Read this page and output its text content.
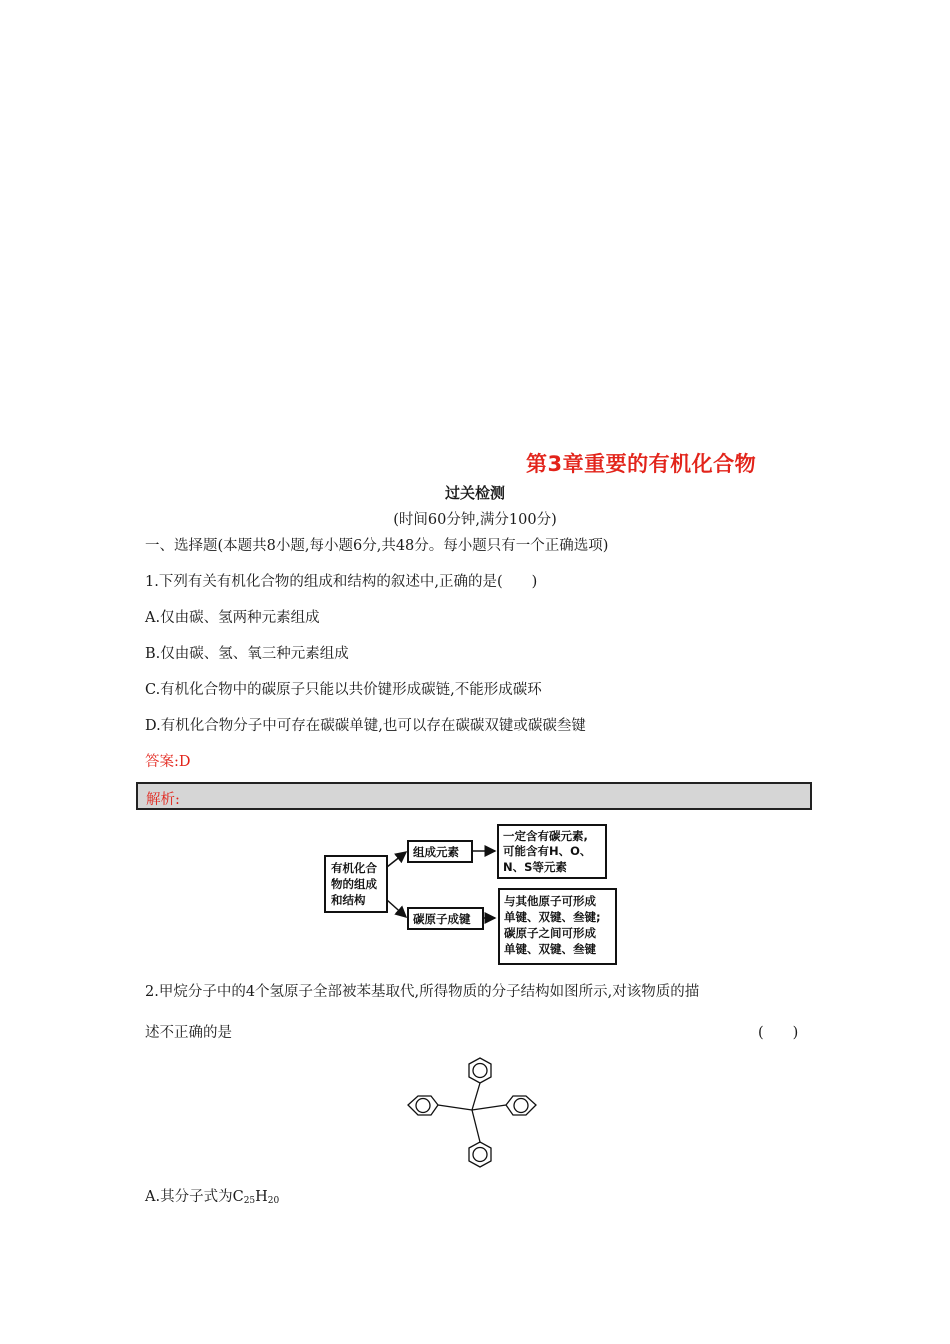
第3章重要的有机化合物
过关检测
(时间60分钟,满分100分)
一、选择题(本题共8小题,每小题6分,共48分。每小题只有一个正确选项)
1.下列有关有机化合物的组成和结构的叙述中,正确的是(　　)
A.仅由碳、氢两种元素组成
B.仅由碳、氢、氧三种元素组成
C.有机化合物中的碳原子只能以共价键形成碳链,不能形成碳环
D.有机化合物分子中可存在碳碳单键,也可以存在碳碳双键或碳碳叁键
答案:D
解析:
有机化合
物的组成
和结构
组成元素
一定含有碳元素,
可能含有H、O、
N、S等元素
碳原子成键
与其他原子可形成
单键、双键、叁键;
碳原子之间可形成
单键、双键、叁键
2.甲烷分子中的4个氢原子全部被苯基取代,所得物质的分子结构如图所示,对该物质的描
述不正确的是	(　　)
A.其分子式为$C_{25}H_{20}$
